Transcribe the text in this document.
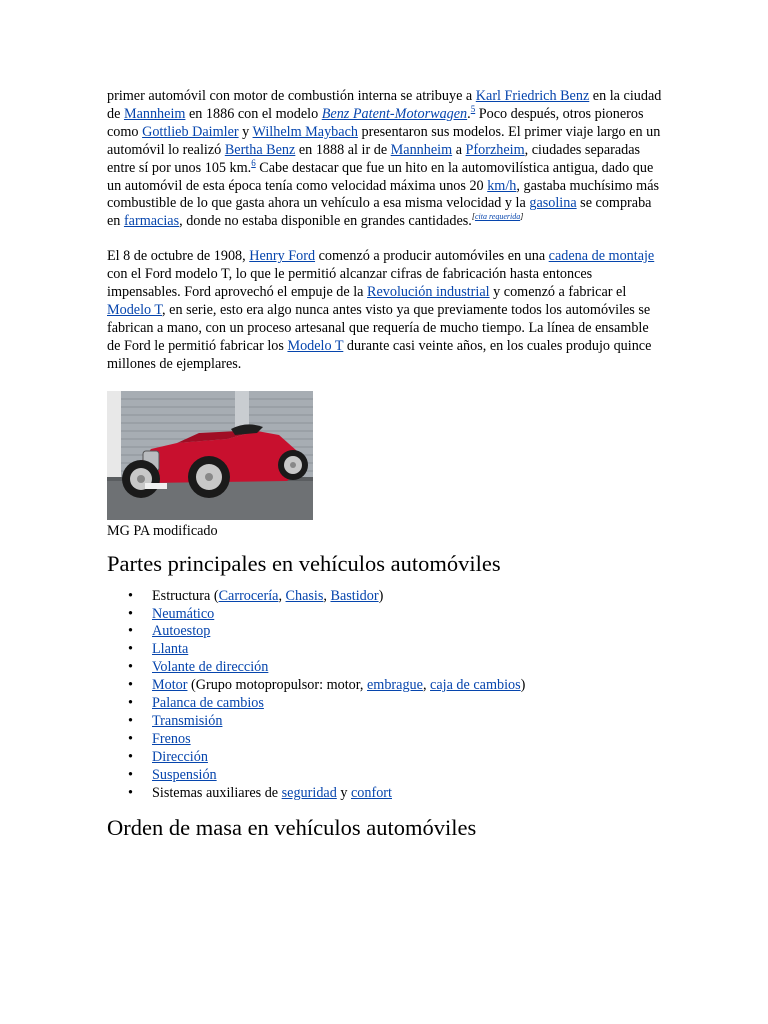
primer automóvil con motor de combustión interna se atribuye a Karl Friedrich Benz en la ciudad de Mannheim en 1886 con el modelo Benz Patent-Motorwagen.$^5$ Poco después, otros pioneros como Gottlieb Daimler y Wilhelm Maybach presentaron sus modelos. El primer viaje largo en un automóvil lo realizó Bertha Benz en 1888 al ir de Mannheim a Pforzheim, ciudades separadas entre sí por unos 105 km.$^6$ Cabe destacar que fue un hito en la automovilística antigua, dado que un automóvil de esta época tenía como velocidad máxima unos 20 km/h, gastaba muchísimo más combustible de lo que gasta ahora un vehículo a esa misma velocidad y la gasolina se compraba en farmacias, donde no estaba disponible en grandes cantidades.[cita requerida]

El 8 de octubre de 1908, Henry Ford comenzó a producir automóviles en una cadena de montaje con el Ford modelo T, lo que le permitió alcanzar cifras de fabricación hasta entonces impensables. Ford aprovechó el empuje de la Revolución industrial y comenzó a fabricar el Modelo T, en serie, esto era algo nunca antes visto ya que previamente todos los automóviles se fabrican a mano, con un proceso artesanal que requería de mucho tiempo. La línea de ensamble de Ford le permitió fabricar los Modelo T durante casi veinte años, en los cuales produjo quince millones de ejemplares.

MG PA modificado
Partes principales en vehículos automóviles
• Estructura (Carrocería, Chasis, Bastidor)
• Neumático
• Autoestop
• Llanta
• Volante de dirección
• Motor (Grupo motopropulsor: motor, embrague, caja de cambios)
• Palanca de cambios
• Transmisión
• Frenos
• Dirección
• Suspensión
• Sistemas auxiliares de seguridad y confort
Orden de masa en vehículos automóviles
